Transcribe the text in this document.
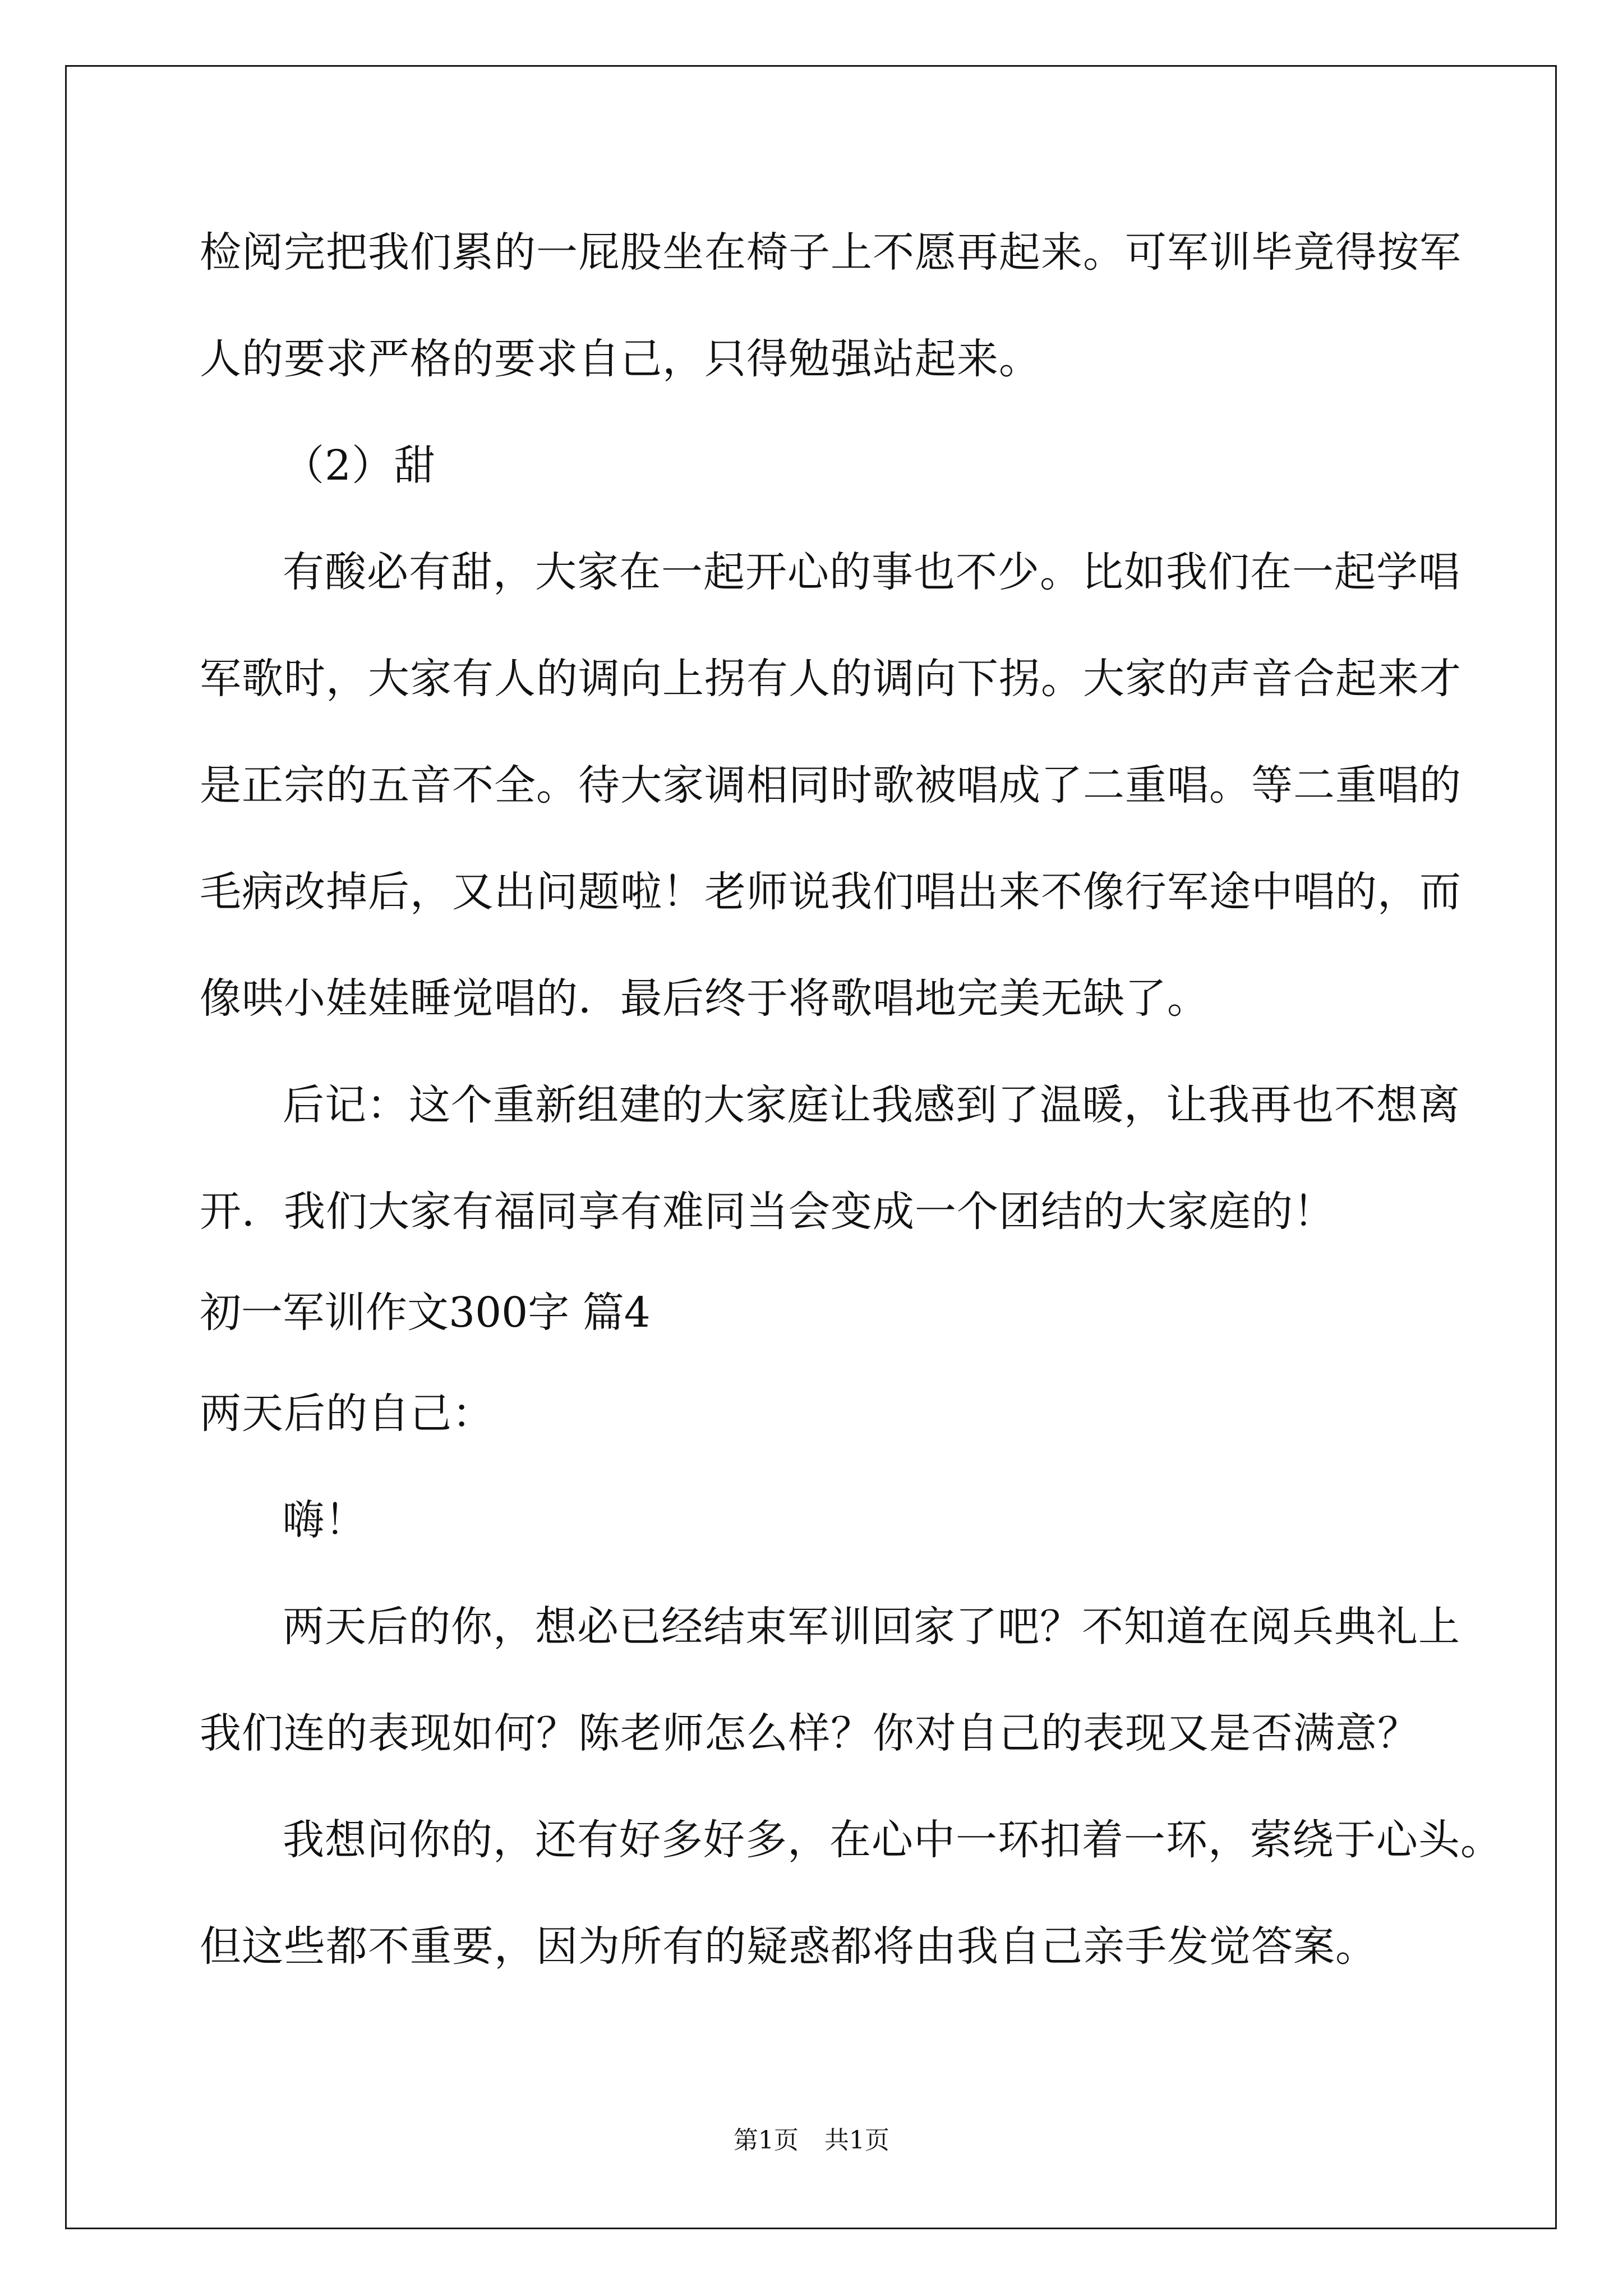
检阅完把我们累的一屁股坐在椅子上不愿再起来。可军训毕竟得按军
人的要求严格的要求自己，只得勉强站起来。
（2）甜
有酸必有甜，大家在一起开心的事也不少。比如我们在一起学唱
军歌时，大家有人的调向上拐有人的调向下拐。大家的声音合起来才
是正宗的五音不全。待大家调相同时歌被唱成了二重唱。等二重唱的
毛病改掉后，又出问题啦！老师说我们唱出来不像行军途中唱的，而
像哄小娃娃睡觉唱的．最后终于将歌唱地完美无缺了。
后记：这个重新组建的大家庭让我感到了温暖，让我再也不想离
开．我们大家有福同享有难同当会变成一个团结的大家庭的！
初一军训作文300字 篇4
两天后的自己：
嗨！
两天后的你，想必已经结束军训回家了吧？不知道在阅兵典礼上
我们连的表现如何？陈老师怎么样？你对自己的表现又是否满意？
我想问你的，还有好多好多，在心中一环扣着一环，萦绕于心头。
但这些都不重要，因为所有的疑惑都将由我自己亲手发觉答案。
第1页 共1页
